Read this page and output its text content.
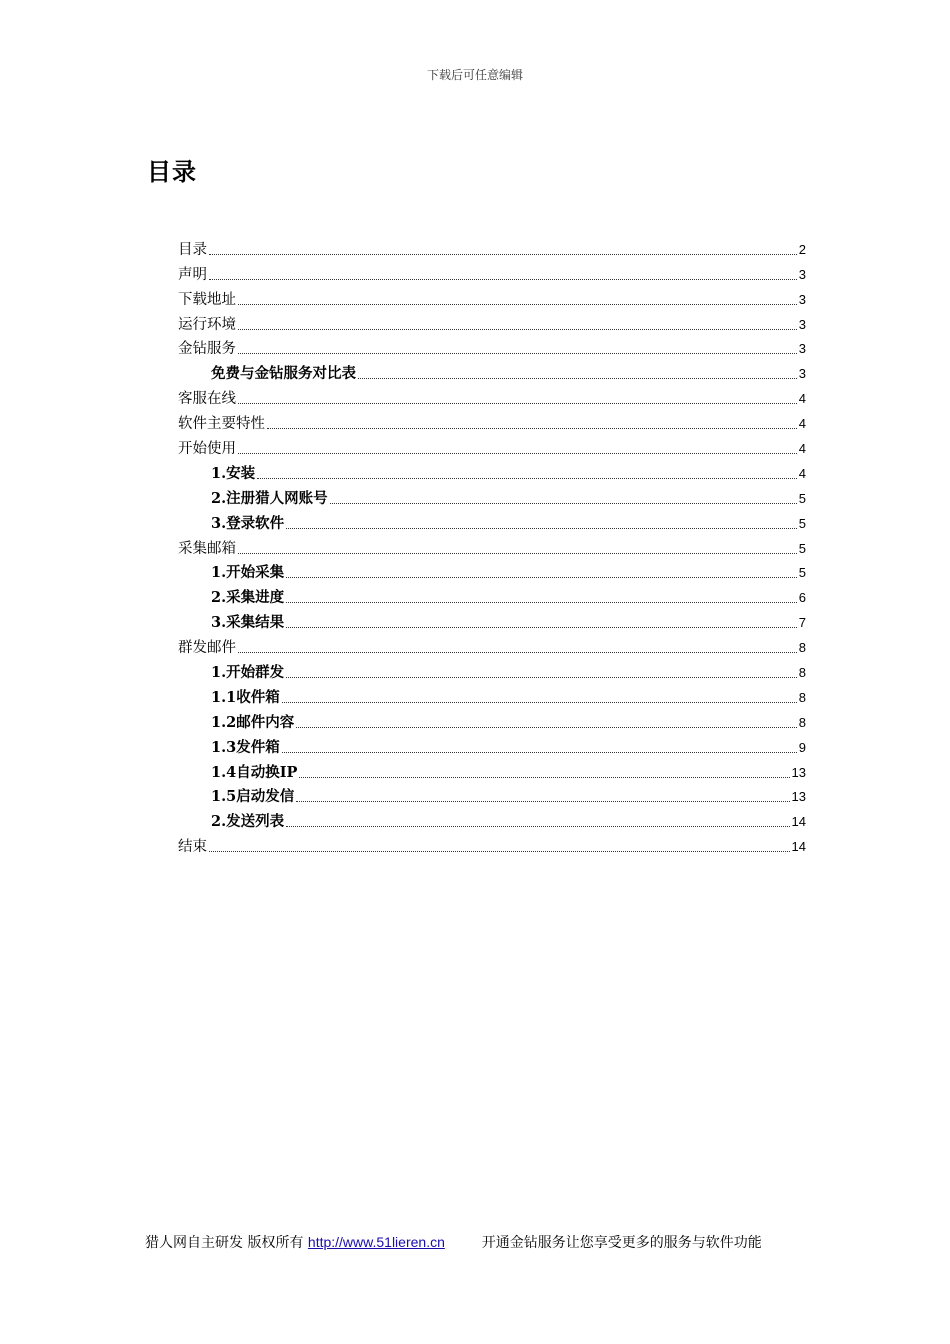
下载后可任意编辑
目录
目录	2
声明	3
下载地址	3
运行环境	3
金钻服务	3
免费与金钻服务对比表	3
客服在线	4
软件主要特性	4
开始使用	4
1.安装	4
2.注册猎人网账号	5
3.登录软件	5
采集邮箱	5
1.开始采集	5
2.采集进度	6
3.采集结果	7
群发邮件	8
1.开始群发	8
1.1收件箱	8
1.2邮件内容	8
1.3发件箱	9
1.4自动换IP	13
1.5启动发信	13
2.发送列表	14
结束	14
猎人网自主研发 版权所有 http://www.51lieren.cn	开通金钻服务让您享受更多的服务与软件功能
